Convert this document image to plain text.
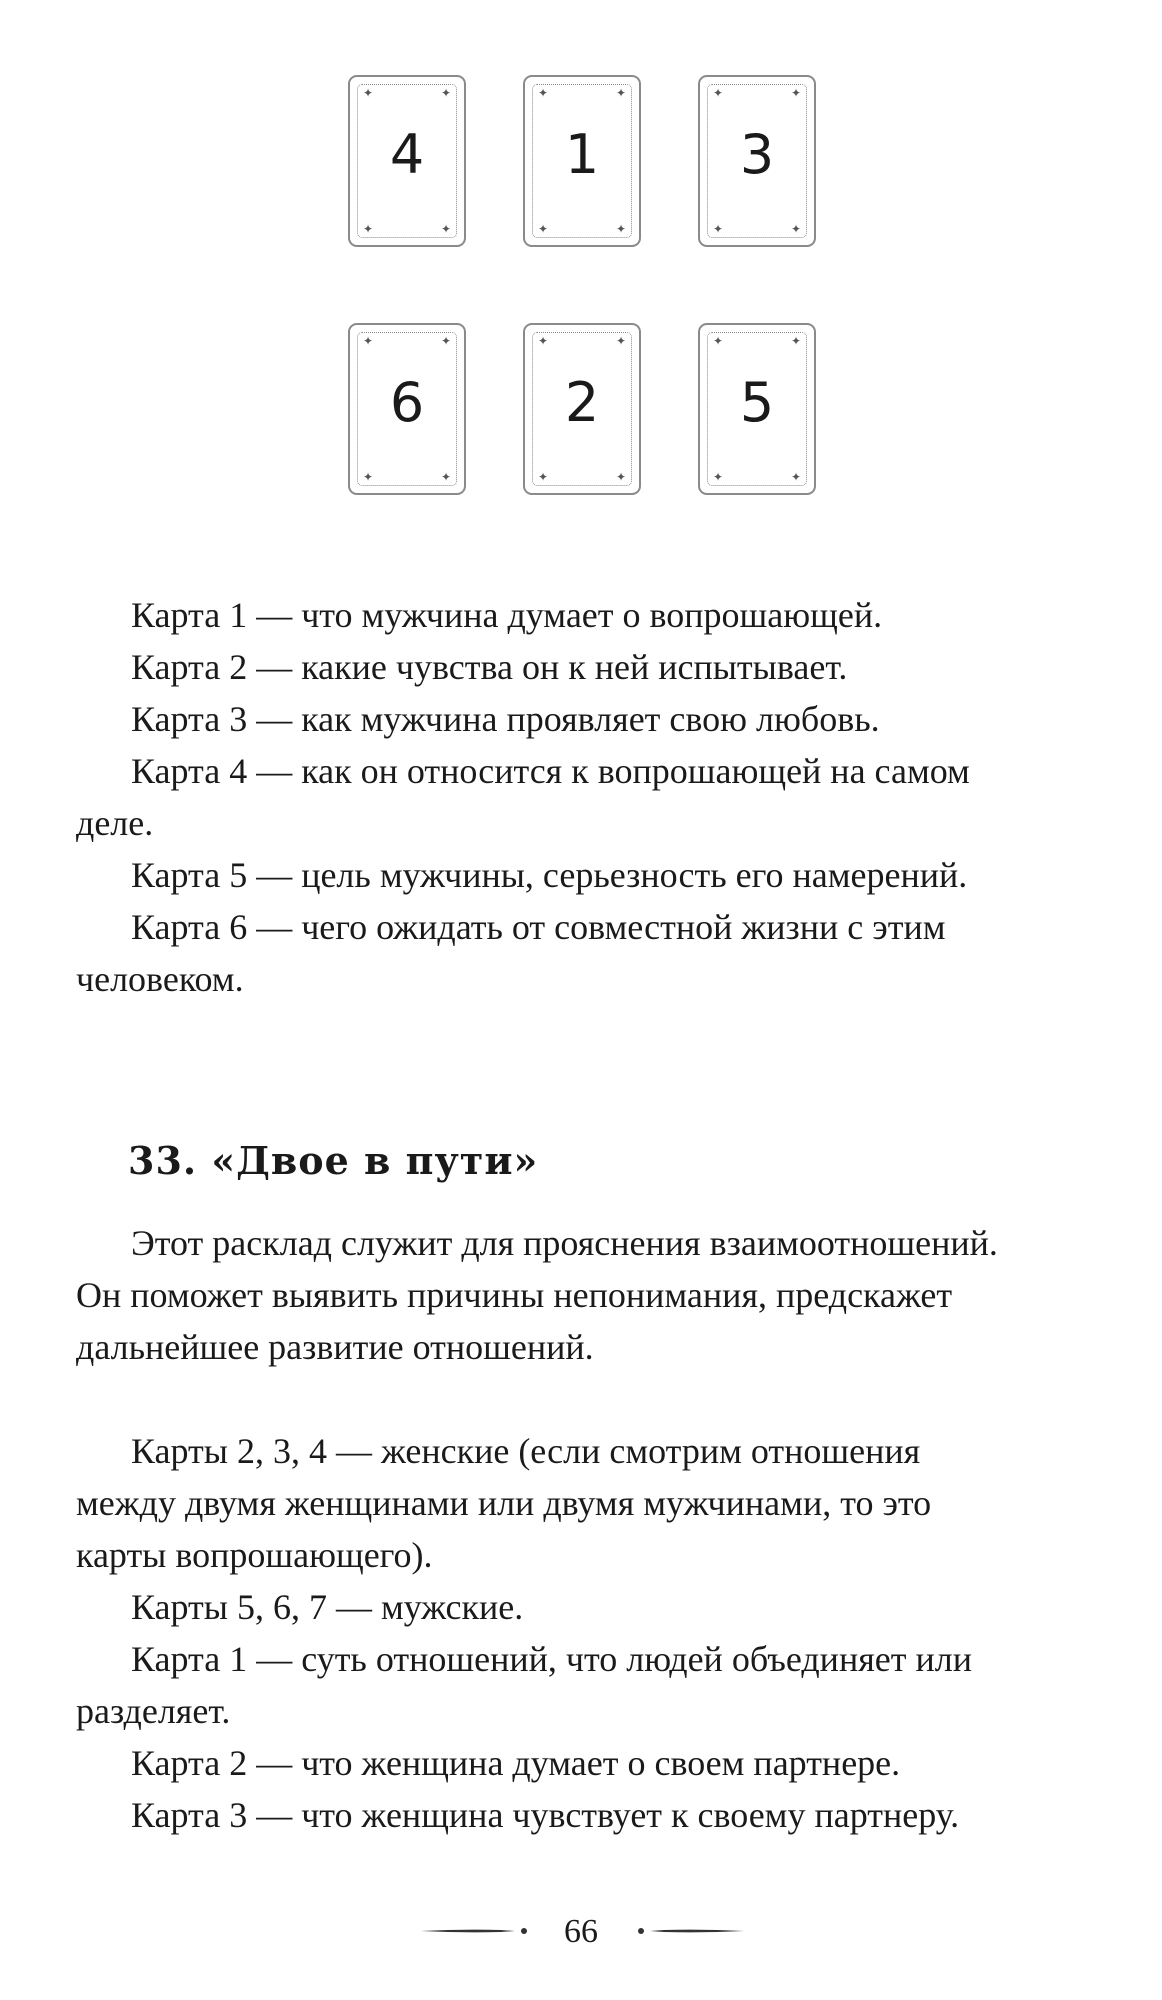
✦	✦
✦	✦
4
✦	✦
✦	✦
1
✦	✦
✦	✦
3
✦	✦
✦	✦
6
✦	✦
✦	✦
2
✦	✦
✦	✦
5
Карта 1 — что мужчина думает о вопрошающей.
Карта 2 — какие чувства он к ней испытывает.
Карта 3 — как мужчина проявляет свою любовь.
Карта 4 — как он относится к вопрошающей на самом
деле.
Карта 5 — цель мужчины, серьезность его намерений.
Карта 6 — чего ожидать от совместной жизни с этим
человеком.
33. «Двое в пути»
Этот расклад служит для прояснения взаимоотношений.
Он поможет выявить причины непонимания, предскажет
дальнейшее развитие отношений.
Карты 2, 3, 4 — женские (если смотрим отношения
между двумя женщинами или двумя мужчинами, то это
карты вопрошающего).
Карты 5, 6, 7 — мужские.
Карта 1 — суть отношений, что людей объединяет или
разделяет.
Карта 2 — что женщина думает о своем партнере.
Карта 3 — что женщина чувствует к своему партнеру.
66
